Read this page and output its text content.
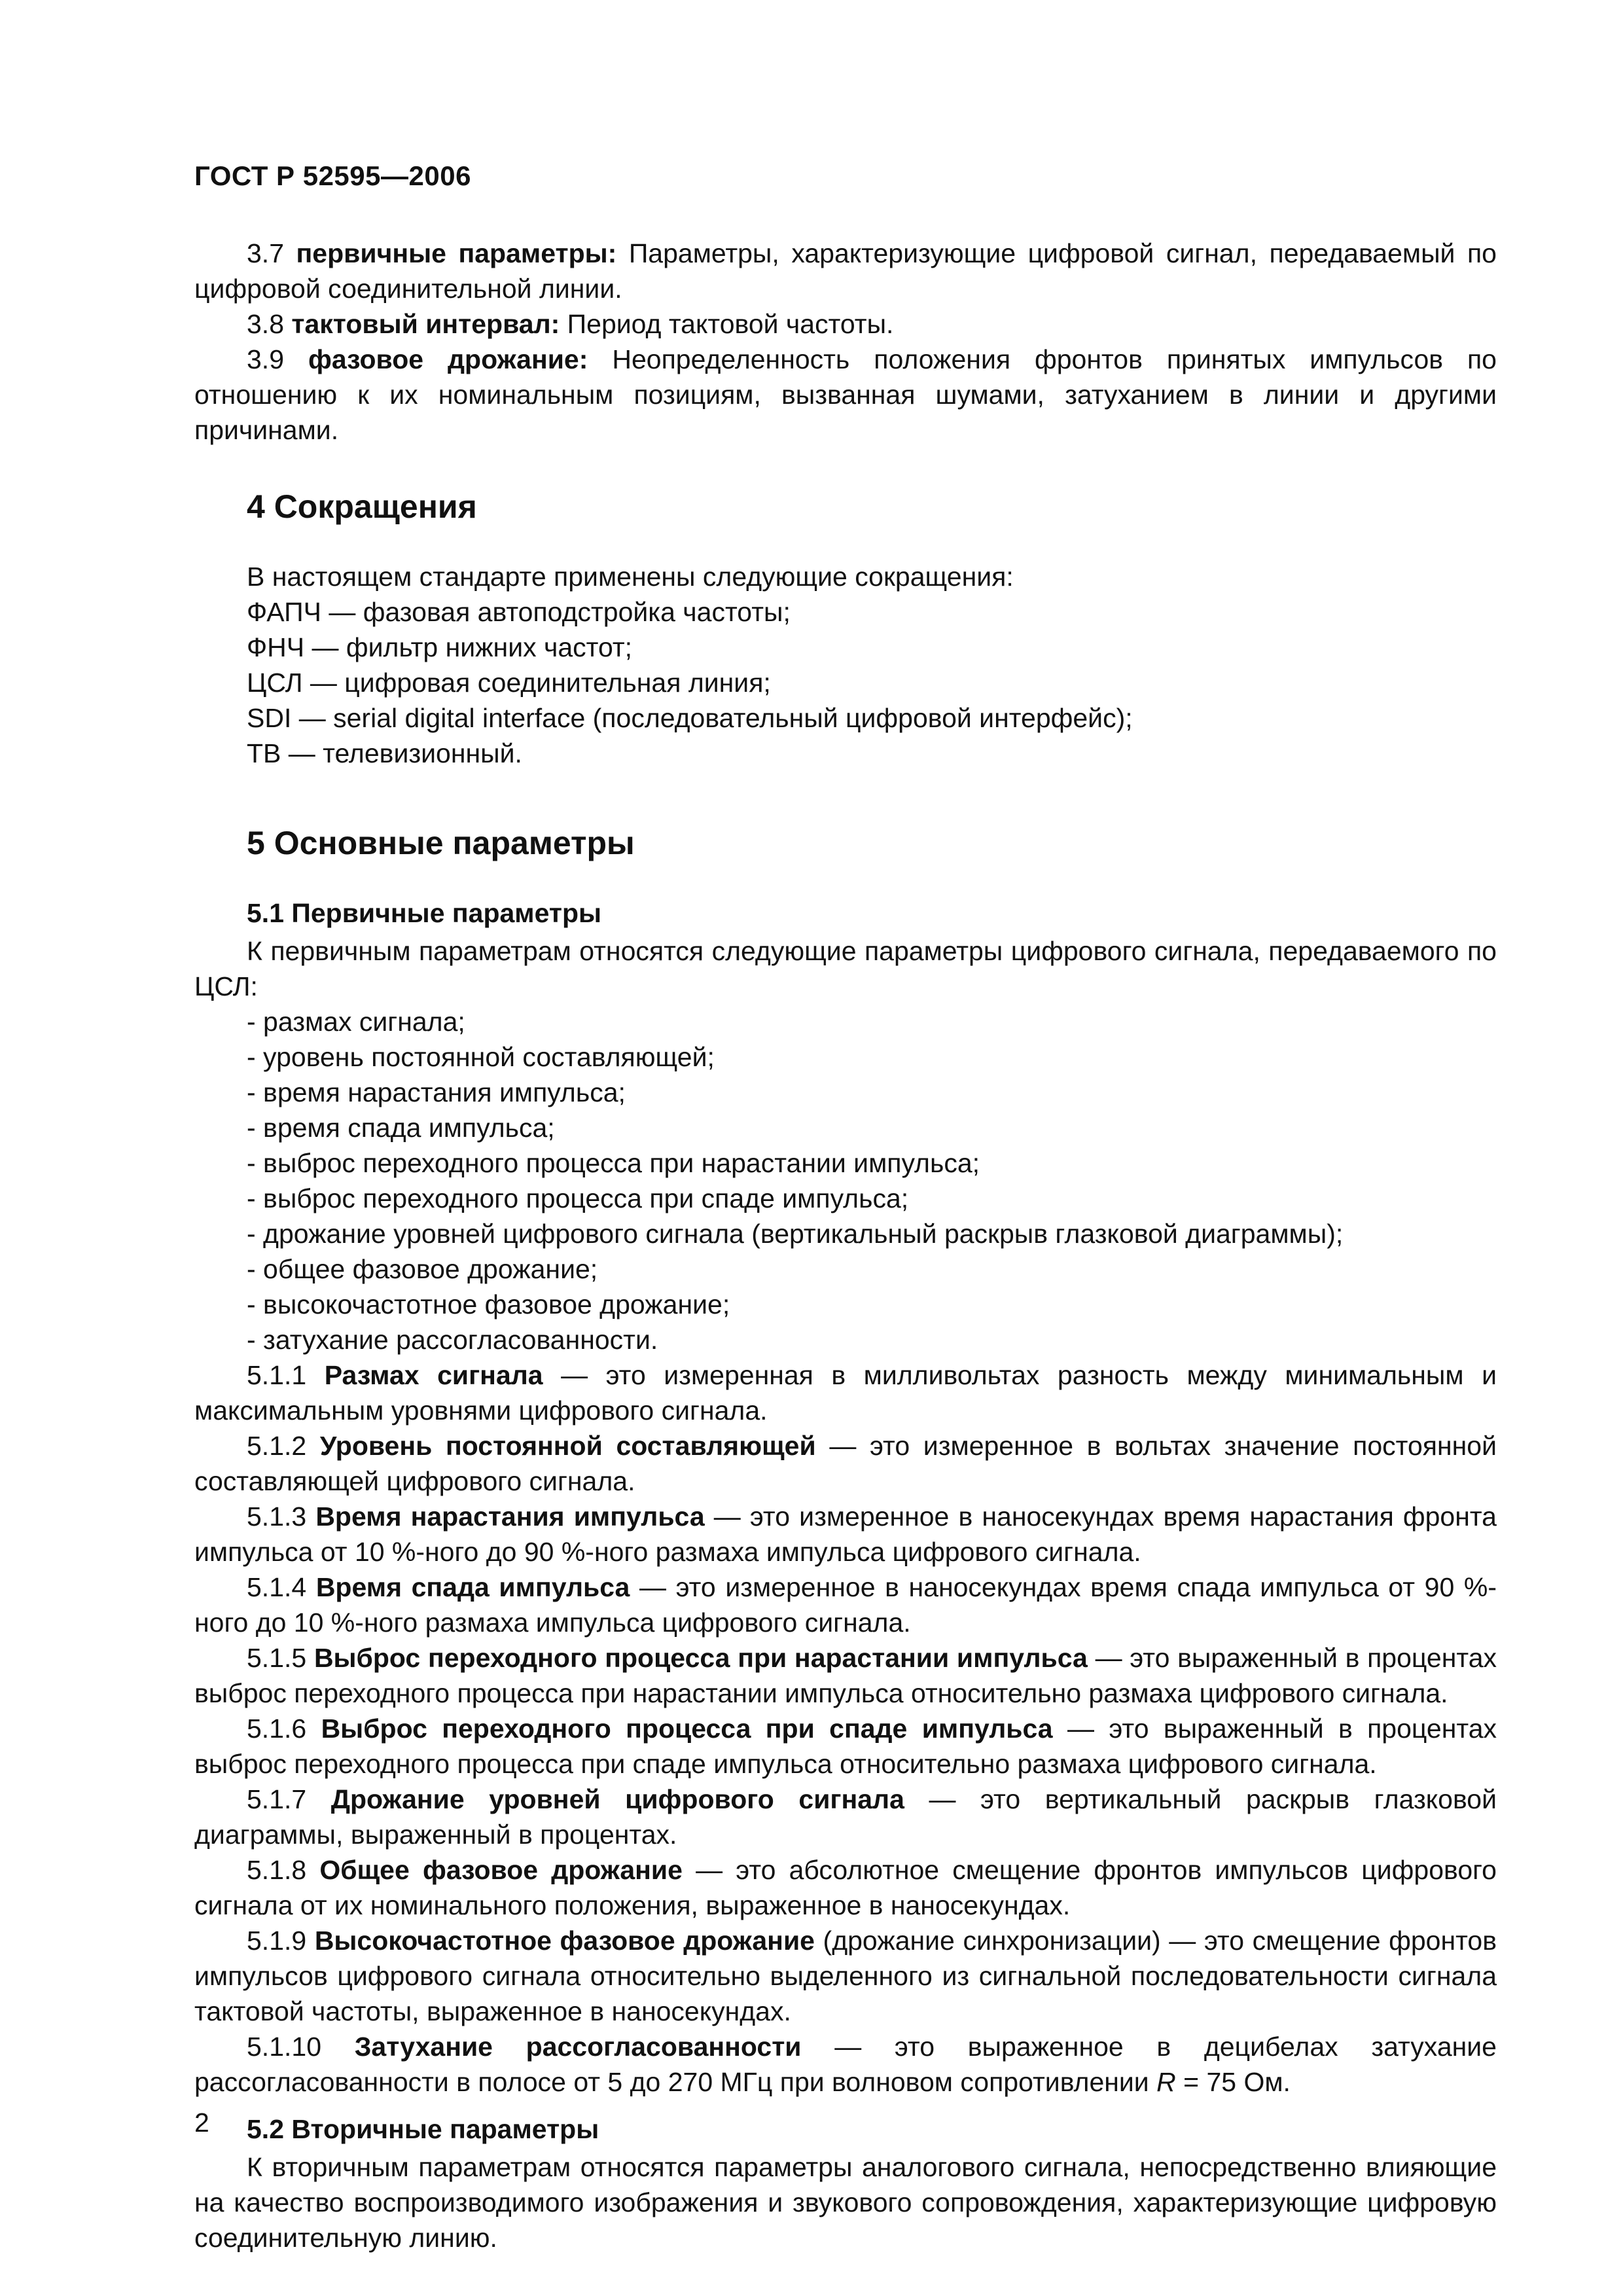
ГОСТ Р 52595—2006

3.7 первичные параметры: Параметры, характеризующие цифровой сигнал, передаваемый по цифровой соединительной линии.

3.8 тактовый интервал: Период тактовой частоты.

3.9 фазовое дрожание: Неопределенность положения фронтов принятых импульсов по отношению к их номинальным позициям, вызванная шумами, затуханием в линии и другими причинами.

4 Сокращения

В настоящем стандарте применены следующие сокращения:

ФАПЧ — фазовая автоподстройка частоты;

ФНЧ — фильтр нижних частот;

ЦСЛ — цифровая соединительная линия;

SDI — serial digital interface (последовательный цифровой интерфейс);

ТВ — телевизионный.

5 Основные параметры
5.1 Первичные параметры

К первичным параметрам относятся следующие параметры цифрового сигнала, передаваемого по ЦСЛ:

- размах сигнала;

- уровень постоянной составляющей;

- время нарастания импульса;

- время спада импульса;

- выброс переходного процесса при нарастании импульса;

- выброс переходного процесса при спаде импульса;

- дрожание уровней цифрового сигнала (вертикальный раскрыв глазковой диаграммы);

- общее фазовое дрожание;

- высокочастотное фазовое дрожание;

- затухание рассогласованности.

5.1.1 Размах сигнала — это измеренная в милливольтах разность между минимальным и максимальным уровнями цифрового сигнала.

5.1.2 Уровень постоянной составляющей — это измеренное в вольтах значение постоянной составляющей цифрового сигнала.

5.1.3 Время нарастания импульса — это измеренное в наносекундах время нарастания фронта импульса от 10 %-ного до 90 %-ного размаха импульса цифрового сигнала.

5.1.4 Время спада импульса — это измеренное в наносекундах время спада импульса от 90 %-ного до 10 %-ного размаха импульса цифрового сигнала.

5.1.5 Выброс переходного процесса при нарастании импульса — это выраженный в процентах выброс переходного процесса при нарастании импульса относительно размаха цифрового сигнала.

5.1.6 Выброс переходного процесса при спаде импульса — это выраженный в процентах выброс переходного процесса при спаде импульса относительно размаха цифрового сигнала.

5.1.7 Дрожание уровней цифрового сигнала — это вертикальный раскрыв глазковой диаграммы, выраженный в процентах.

5.1.8 Общее фазовое дрожание — это абсолютное смещение фронтов импульсов цифрового сигнала от их номинального положения, выраженное в наносекундах.

5.1.9 Высокочастотное фазовое дрожание (дрожание синхронизации) — это смещение фронтов импульсов цифрового сигнала относительно выделенного из сигнальной последовательности сигнала тактовой частоты, выраженное в наносекундах.

5.1.10 Затухание рассогласованности — это выраженное в децибелах затухание рассогласованности в полосе от 5 до 270 МГц при волновом сопротивлении R = 75 Ом.

5.2 Вторичные параметры

К вторичным параметрам относятся параметры аналогового сигнала, непосредственно влияющие на качество воспроизводимого изображения и звукового сопровождения, характеризующие цифровую соединительную линию.

2
